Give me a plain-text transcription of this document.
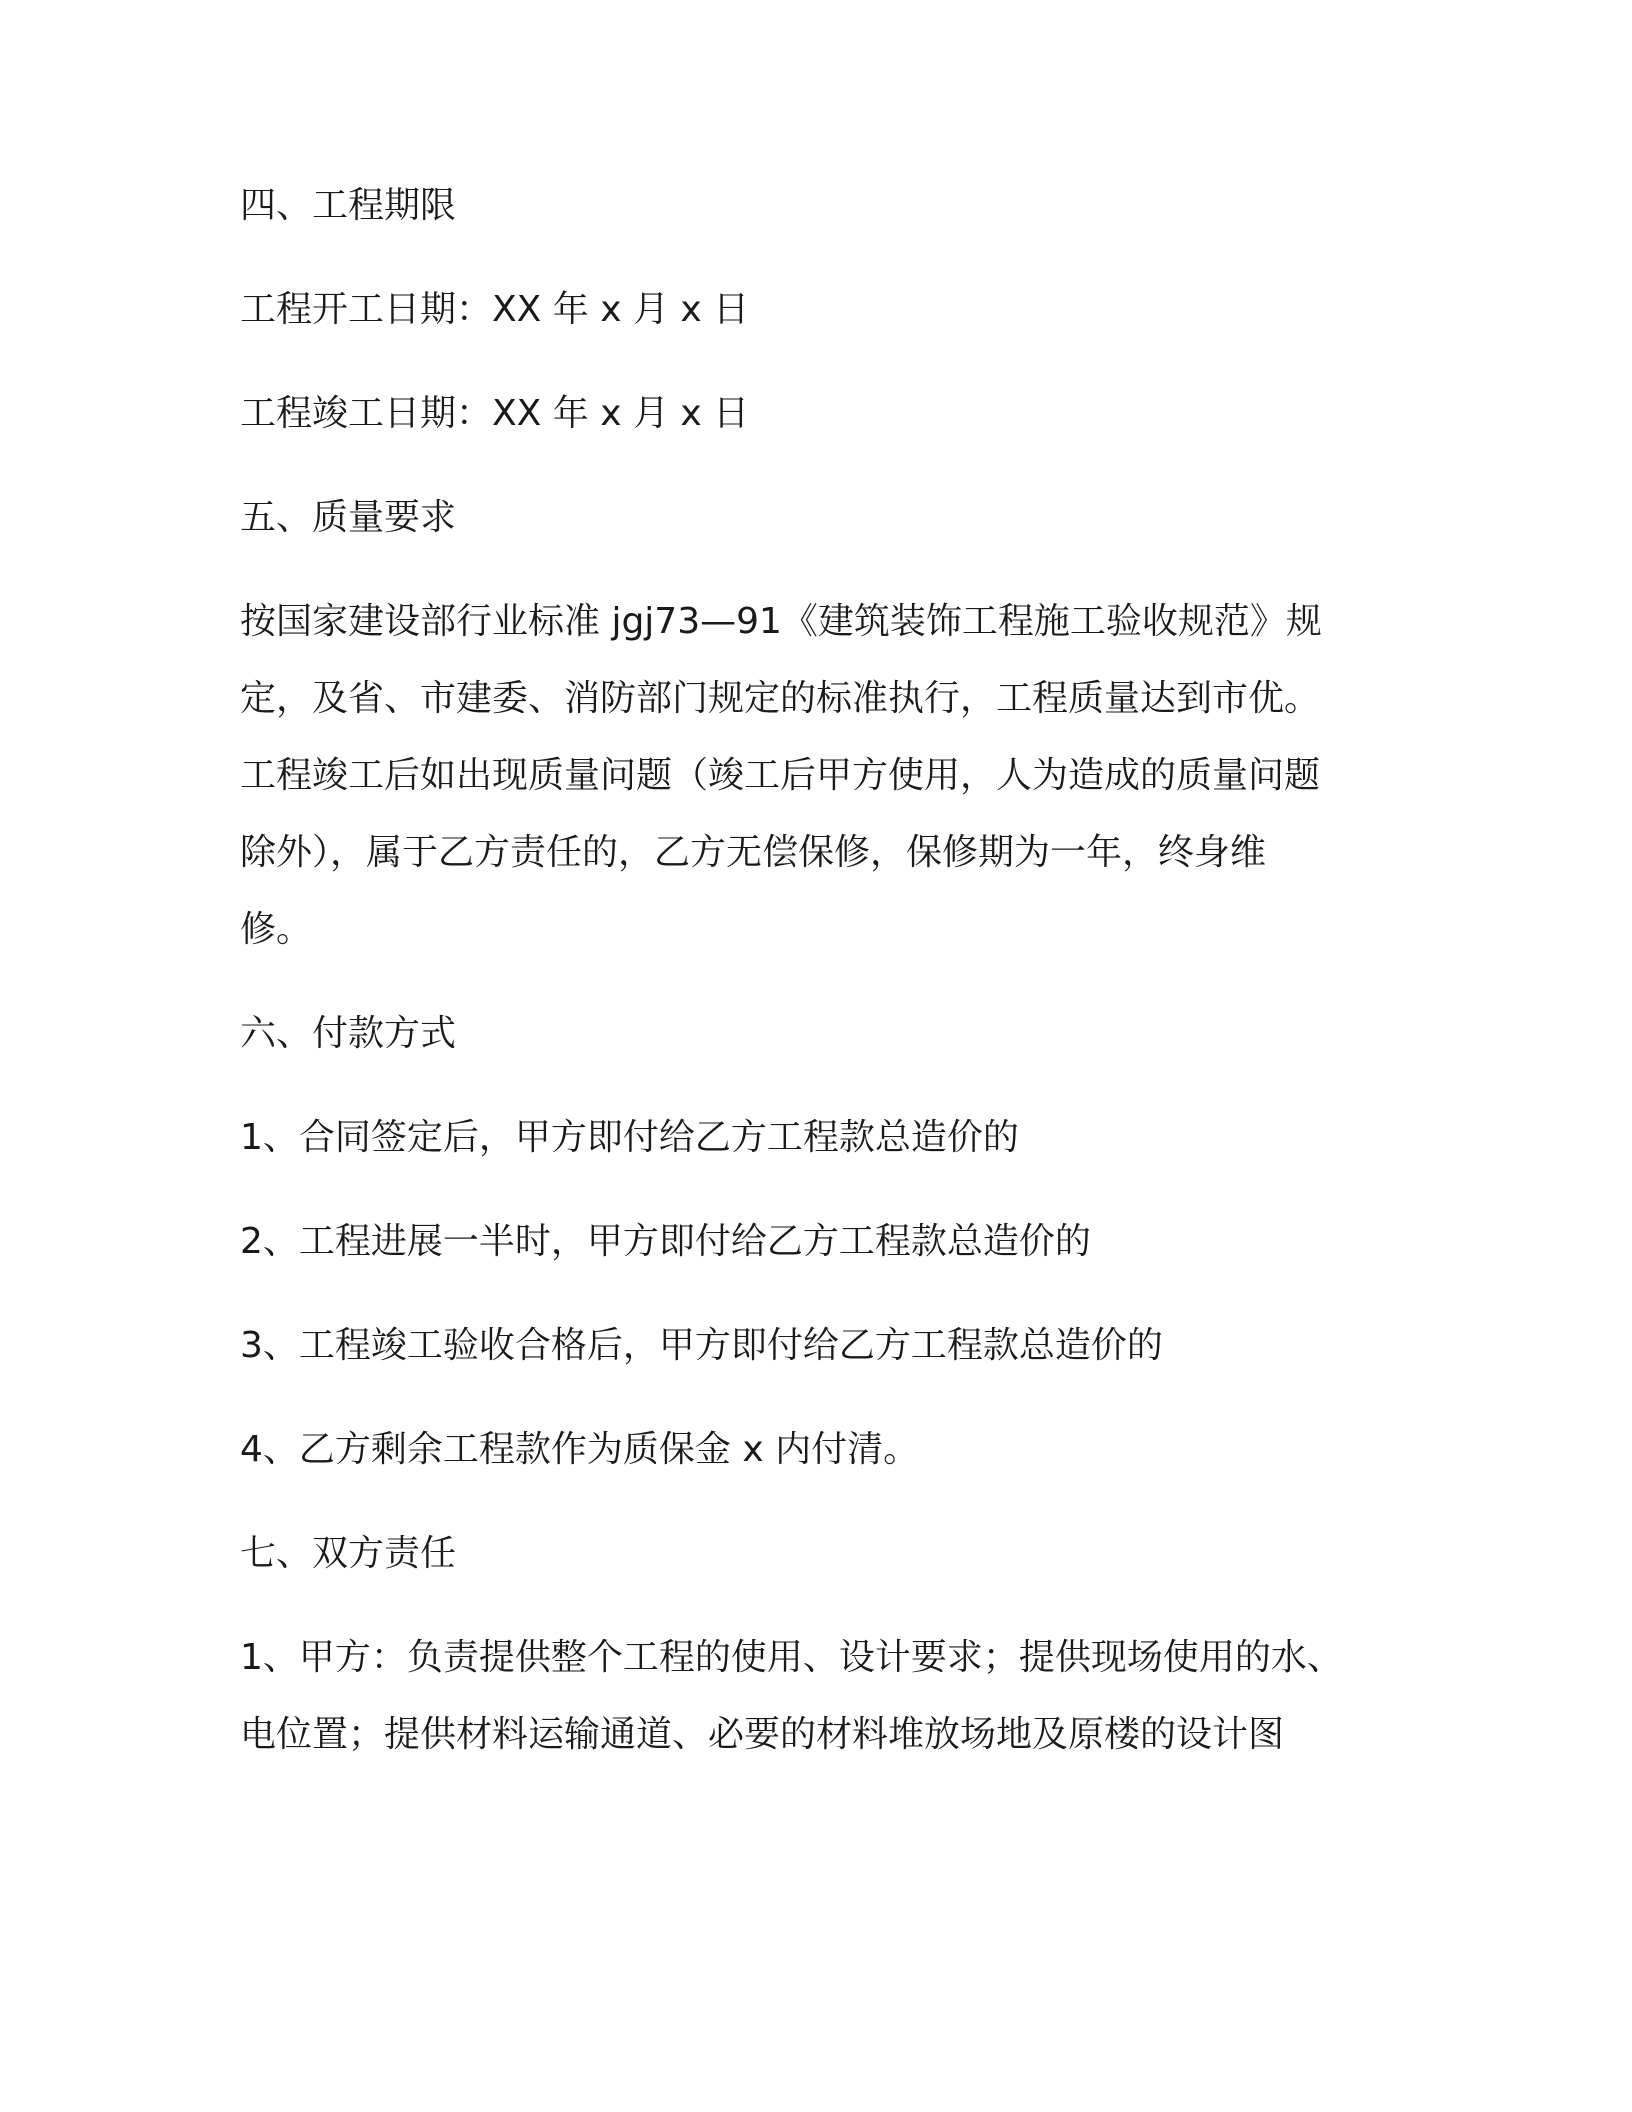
四、工程期限

工程开工日期：XX 年 x 月 x 日

工程竣工日期：XX 年 x 月 x 日

五、质量要求

按国家建设部行业标准 jgj73—91《建筑装饰工程施工验收规范》规

定，及省、市建委、消防部门规定的标准执行，工程质量达到市优。

工程竣工后如出现质量问题（竣工后甲方使用，人为造成的质量问题

除外），属于乙方责任的，乙方无偿保修，保修期为一年，终身维

修。

六、付款方式

1、合同签定后，甲方即付给乙方工程款总造价的

2、工程进展一半时，甲方即付给乙方工程款总造价的

3、工程竣工验收合格后，甲方即付给乙方工程款总造价的

4、乙方剩余工程款作为质保金 x 内付清。

七、双方责任

1、甲方：负责提供整个工程的使用、设计要求；提供现场使用的水、

电位置；提供材料运输通道、必要的材料堆放场地及原楼的设计图
